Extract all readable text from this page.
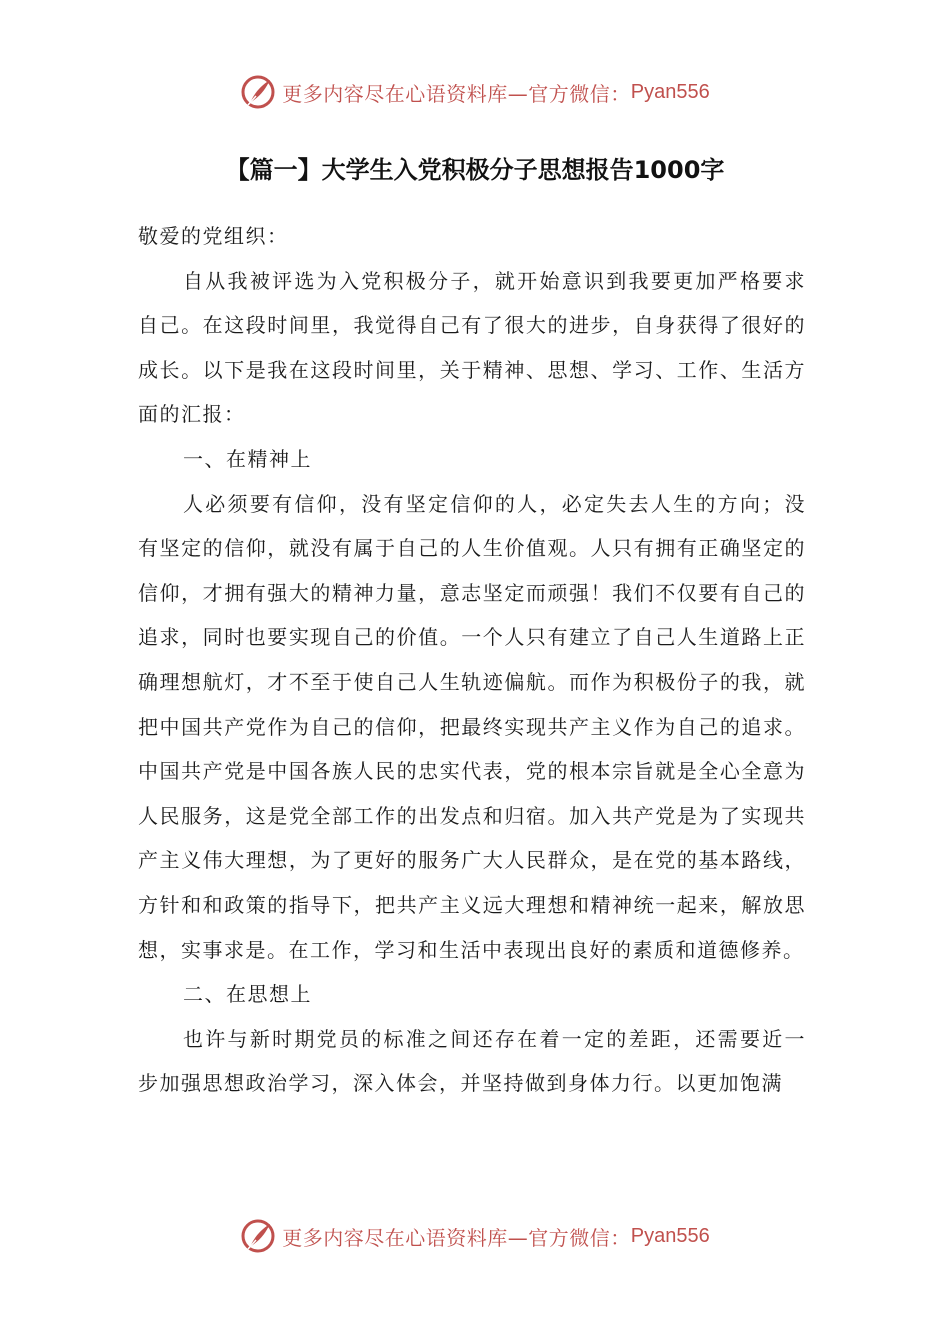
更多内容尽在心语资料库—官方微信： Pyan556
【篇一】大学生入党积极分子思想报告1000字

敬爱的党组织：

自从我被评选为入党积极分子，就开始意识到我要更加严格要求自己。在这段时间里，我觉得自己有了很大的进步，自身获得了很好的成长。以下是我在这段时间里，关于精神、思想、学习、工作、生活方面的汇报：

一、在精神上

人必须要有信仰，没有坚定信仰的人，必定失去人生的方向；没有坚定的信仰，就没有属于自己的人生价值观。人只有拥有正确坚定的信仰，才拥有强大的精神力量，意志坚定而顽强！我们不仅要有自己的追求，同时也要实现自己的价值。一个人只有建立了自己人生道路上正确理想航灯，才不至于使自己人生轨迹偏航。而作为积极份子的我，就把中国共产党作为自己的信仰，把最终实现共产主义作为自己的追求。中国共产党是中国各族人民的忠实代表，党的根本宗旨就是全心全意为人民服务，这是党全部工作的出发点和归宿。加入共产党是为了实现共产主义伟大理想，为了更好的服务广大人民群众，是在党的基本路线，方针和和政策的指导下，把共产主义远大理想和精神统一起来，解放思想，实事求是。在工作，学习和生活中表现出良好的素质和道德修养。

二、在思想上

也许与新时期党员的标准之间还存在着一定的差距，还需要近一步加强思想政治学习，深入体会，并坚持做到身体力行。以更加饱满

更多内容尽在心语资料库—官方微信： Pyan556
